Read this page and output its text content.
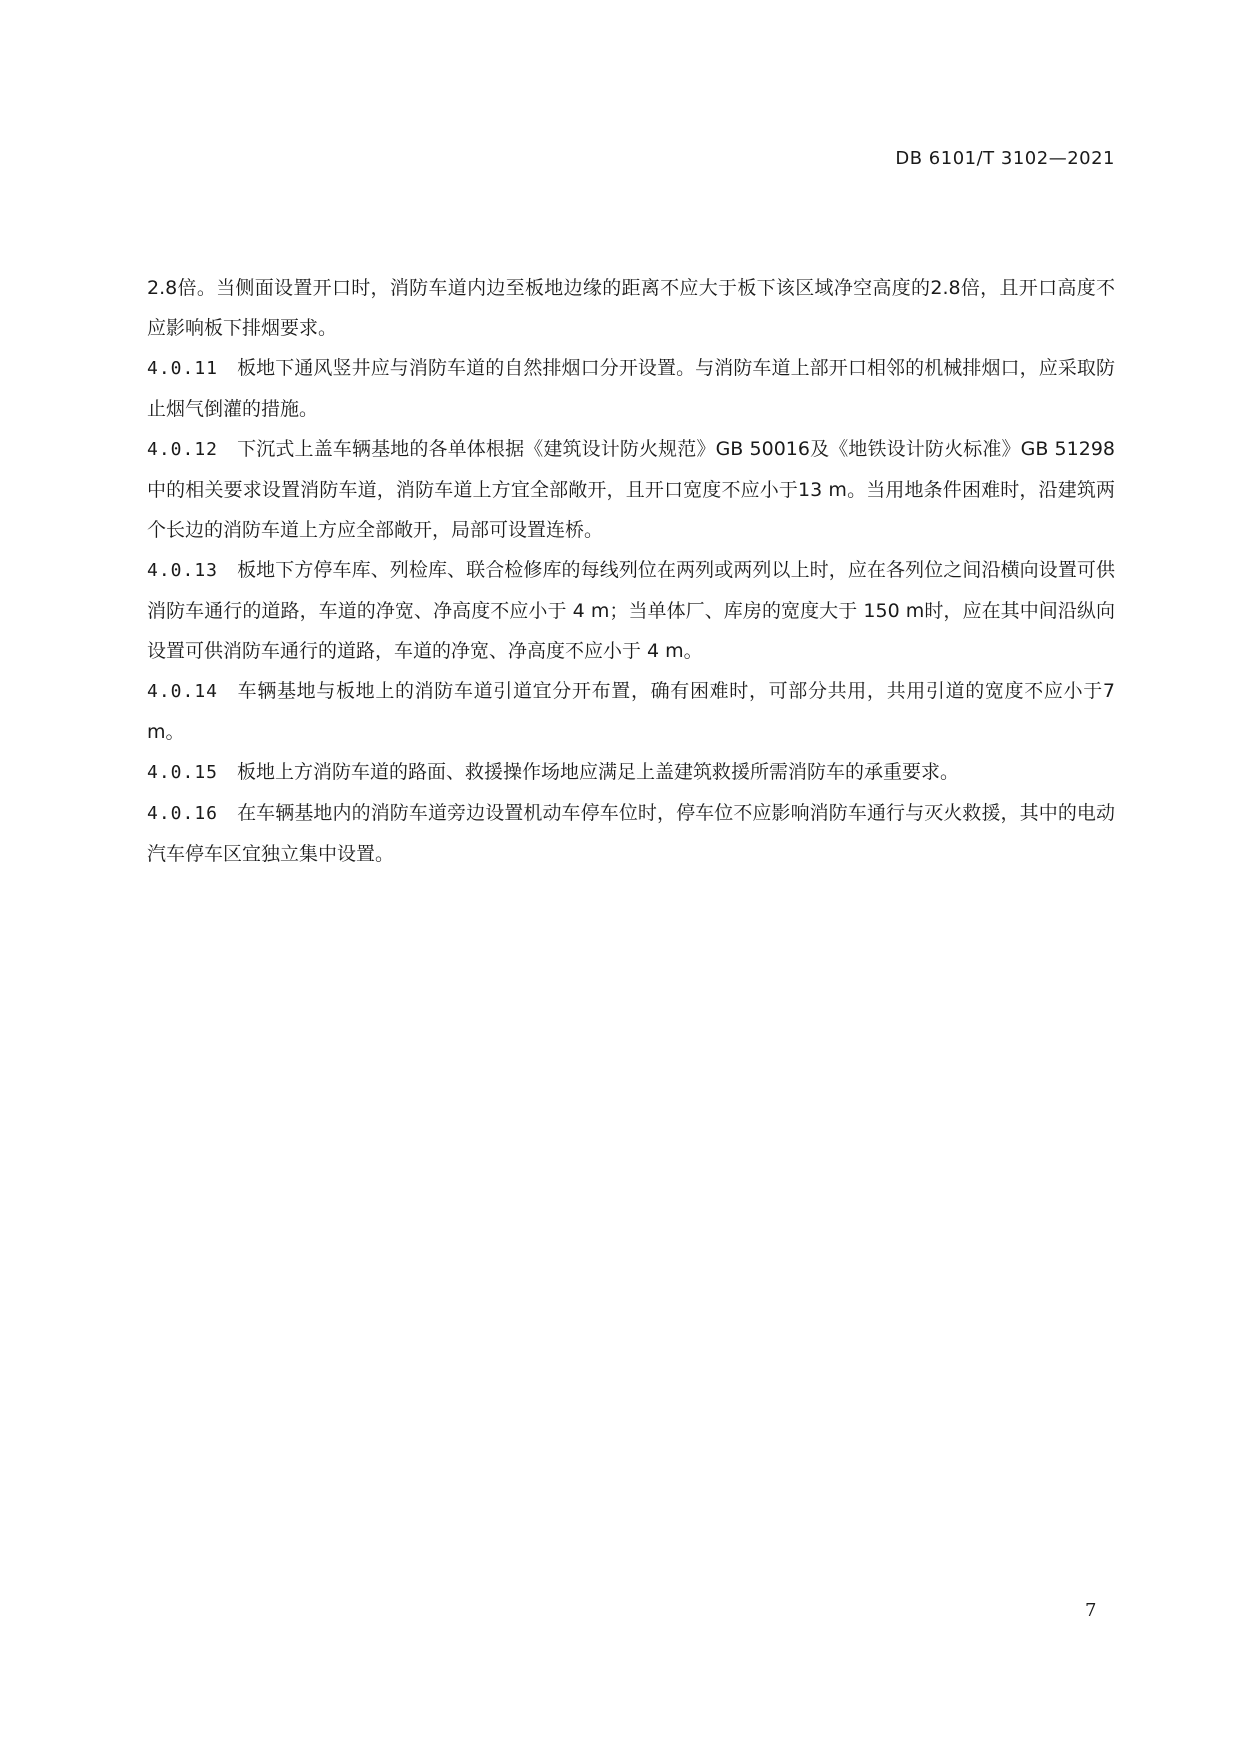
DB 6101/T 3102—2021

2.8倍。当侧面设置开口时，消防车道内边至板地边缘的距离不应大于板下该区域净空高度的2.8倍，且开口高度不应影响板下排烟要求。

4.0.11 板地下通风竖井应与消防车道的自然排烟口分开设置。与消防车道上部开口相邻的机械排烟口，应采取防止烟气倒灌的措施。

4.0.12 下沉式上盖车辆基地的各单体根据《建筑设计防火规范》GB 50016及《地铁设计防火标准》GB 51298中的相关要求设置消防车道，消防车道上方宜全部敞开，且开口宽度不应小于13 m。当用地条件困难时，沿建筑两个长边的消防车道上方应全部敞开，局部可设置连桥。

4.0.13 板地下方停车库、列检库、联合检修库的每线列位在两列或两列以上时，应在各列位之间沿横向设置可供消防车通行的道路，车道的净宽、净高度不应小于 4 m；当单体厂、库房的宽度大于 150 m时，应在其中间沿纵向设置可供消防车通行的道路，车道的净宽、净高度不应小于 4 m。

4.0.14 车辆基地与板地上的消防车道引道宜分开布置，确有困难时，可部分共用，共用引道的宽度不应小于7 m。

4.0.15 板地上方消防车道的路面、救援操作场地应满足上盖建筑救援所需消防车的承重要求。

4.0.16 在车辆基地内的消防车道旁边设置机动车停车位时，停车位不应影响消防车通行与灭火救援，其中的电动汽车停车区宜独立集中设置。

7
